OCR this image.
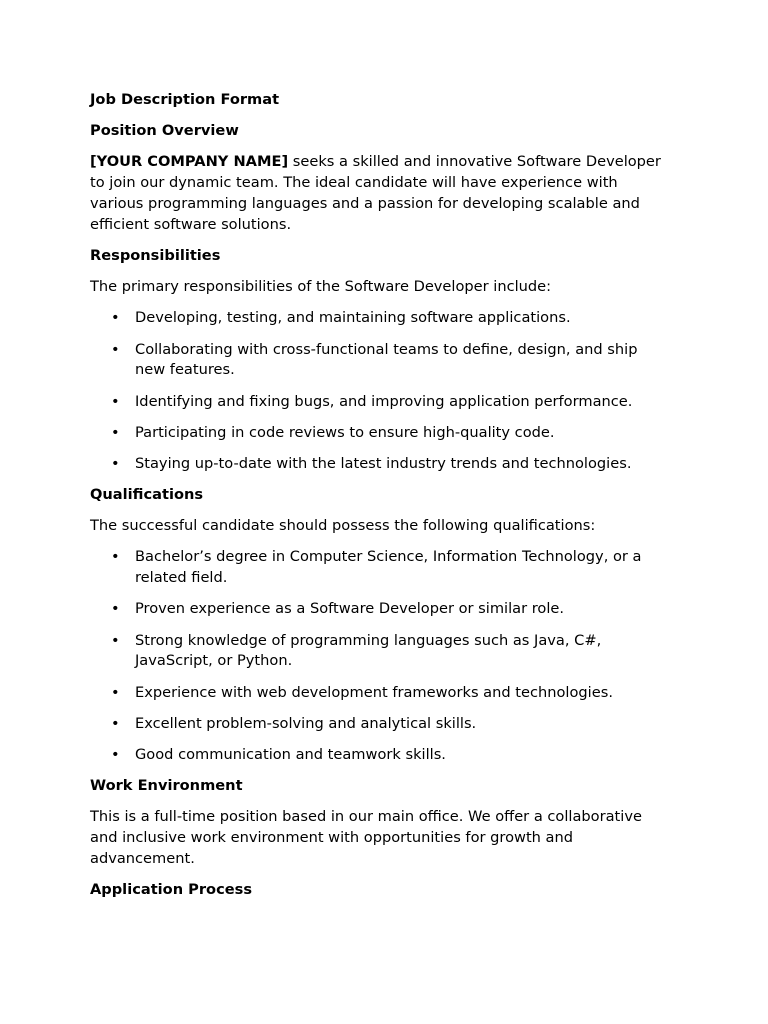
Job Description Format
Position Overview

[YOUR COMPANY NAME] seeks a skilled and innovative Software Developer to join our dynamic team. The ideal candidate will have experience with various programming languages and a passion for developing scalable and efficient software solutions.

Responsibilities

The primary responsibilities of the Software Developer include:

• Developing, testing, and maintaining software applications.
• Collaborating with cross-functional teams to define, design, and ship new features.
• Identifying and fixing bugs, and improving application performance.
• Participating in code reviews to ensure high-quality code.
• Staying up-to-date with the latest industry trends and technologies.
Qualifications

The successful candidate should possess the following qualifications:

• Bachelor’s degree in Computer Science, Information Technology, or a related field.
• Proven experience as a Software Developer or similar role.
• Strong knowledge of programming languages such as Java, C#, JavaScript, or Python.
• Experience with web development frameworks and technologies.
• Excellent problem-solving and analytical skills.
• Good communication and teamwork skills.
Work Environment

This is a full-time position based in our main office. We offer a collaborative and inclusive work environment with opportunities for growth and advancement.

Application Process
